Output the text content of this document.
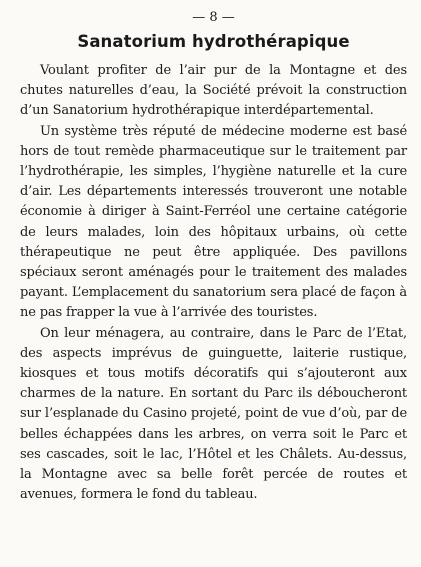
— 8 —
Sanatorium hydrothérapique

Voulant profiter de l’air pur de la Montagne et des chutes naturelles d’eau, la Société prévoit la construction d’un Sanatorium hydrothérapique interdépartemental.

Un système très réputé de médecine moderne est basé hors de tout remède pharmaceutique sur le traitement par l’hydrothérapie, les simples, l’hygiène naturelle et la cure d’air. Les départements interessés trouveront une notable économie à diriger à Saint-Ferréol une certaine catégorie de leurs malades, loin des hôpitaux urbains, où cette thérapeutique ne peut être appliquée. Des pavillons spéciaux seront aménagés pour le traitement des malades payant. L’emplacement du sanatorium sera placé de façon à ne pas frapper la vue à l’arrivée des touristes.

On leur ménagera, au contraire, dans le Parc de l’Etat, des aspects imprévus de guinguette, laiterie rustique, kiosques et tous motifs décoratifs qui s’ajouteront aux charmes de la nature. En sortant du Parc ils déboucheront sur l’esplanade du Casino projeté, point de vue d’où, par de belles échappées dans les arbres, on verra soit le Parc et ses cascades, soit le lac, l’Hôtel et les Châlets. Au-dessus, la Montagne avec sa belle forêt percée de routes et avenues, formera le fond du tableau.
